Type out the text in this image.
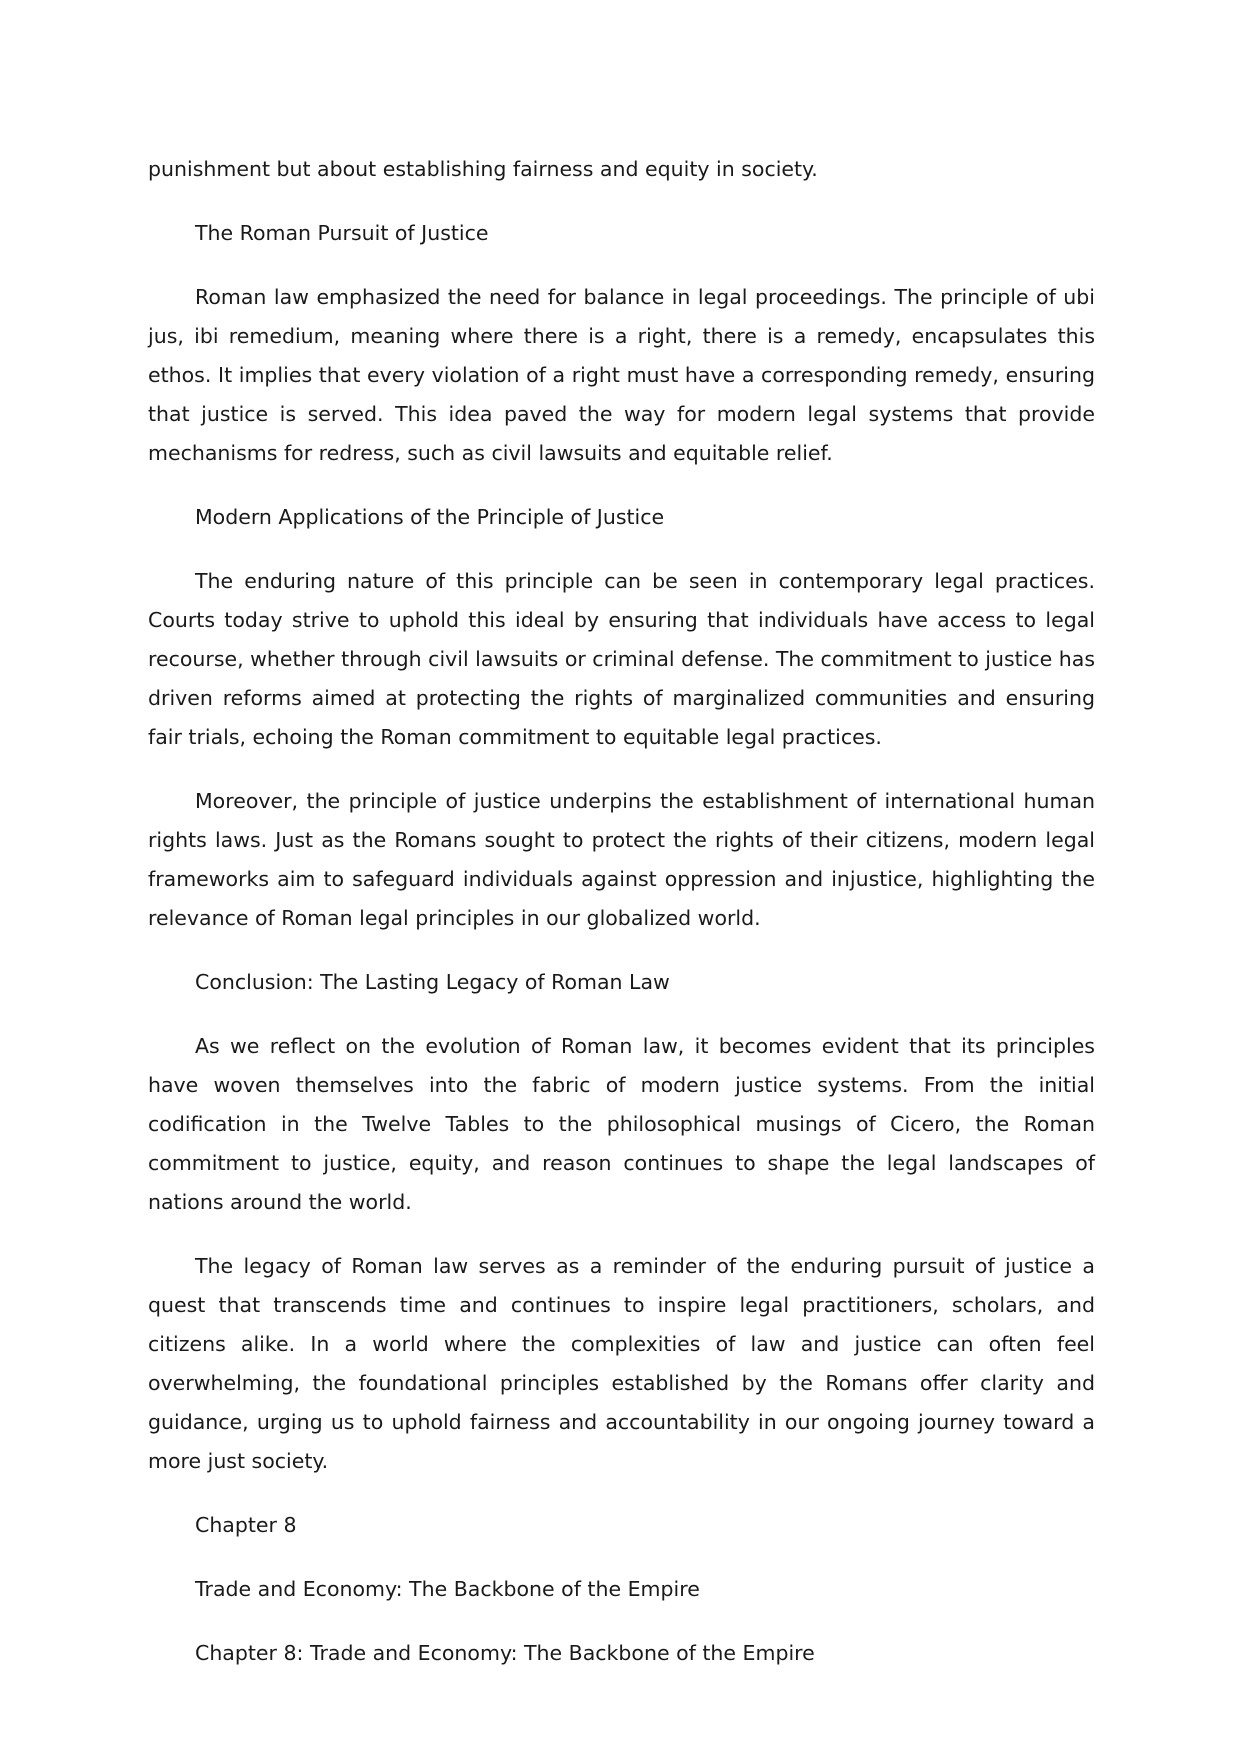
punishment but about establishing fairness and equity in society.

The Roman Pursuit of Justice

Roman law emphasized the need for balance in legal proceedings. The principle of ubi jus, ibi remedium, meaning where there is a right, there is a remedy, encapsulates this ethos. It implies that every violation of a right must have a corresponding remedy, ensuring that justice is served. This idea paved the way for modern legal systems that provide mechanisms for redress, such as civil lawsuits and equitable relief.

Modern Applications of the Principle of Justice

The enduring nature of this principle can be seen in contemporary legal practices. Courts today strive to uphold this ideal by ensuring that individuals have access to legal recourse, whether through civil lawsuits or criminal defense. The commitment to justice has driven reforms aimed at protecting the rights of marginalized communities and ensuring fair trials, echoing the Roman commitment to equitable legal practices.

Moreover, the principle of justice underpins the establishment of international human rights laws. Just as the Romans sought to protect the rights of their citizens, modern legal frameworks aim to safeguard individuals against oppression and injustice, highlighting the relevance of Roman legal principles in our globalized world.

Conclusion: The Lasting Legacy of Roman Law

As we reflect on the evolution of Roman law, it becomes evident that its principles have woven themselves into the fabric of modern justice systems. From the initial codification in the Twelve Tables to the philosophical musings of Cicero, the Roman commitment to justice, equity, and reason continues to shape the legal landscapes of nations around the world.

The legacy of Roman law serves as a reminder of the enduring pursuit of justice a quest that transcends time and continues to inspire legal practitioners, scholars, and citizens alike. In a world where the complexities of law and justice can often feel overwhelming, the foundational principles established by the Romans offer clarity and guidance, urging us to uphold fairness and accountability in our ongoing journey toward a more just society.

Chapter 8

Trade and Economy: The Backbone of the Empire

Chapter 8: Trade and Economy: The Backbone of the Empire
